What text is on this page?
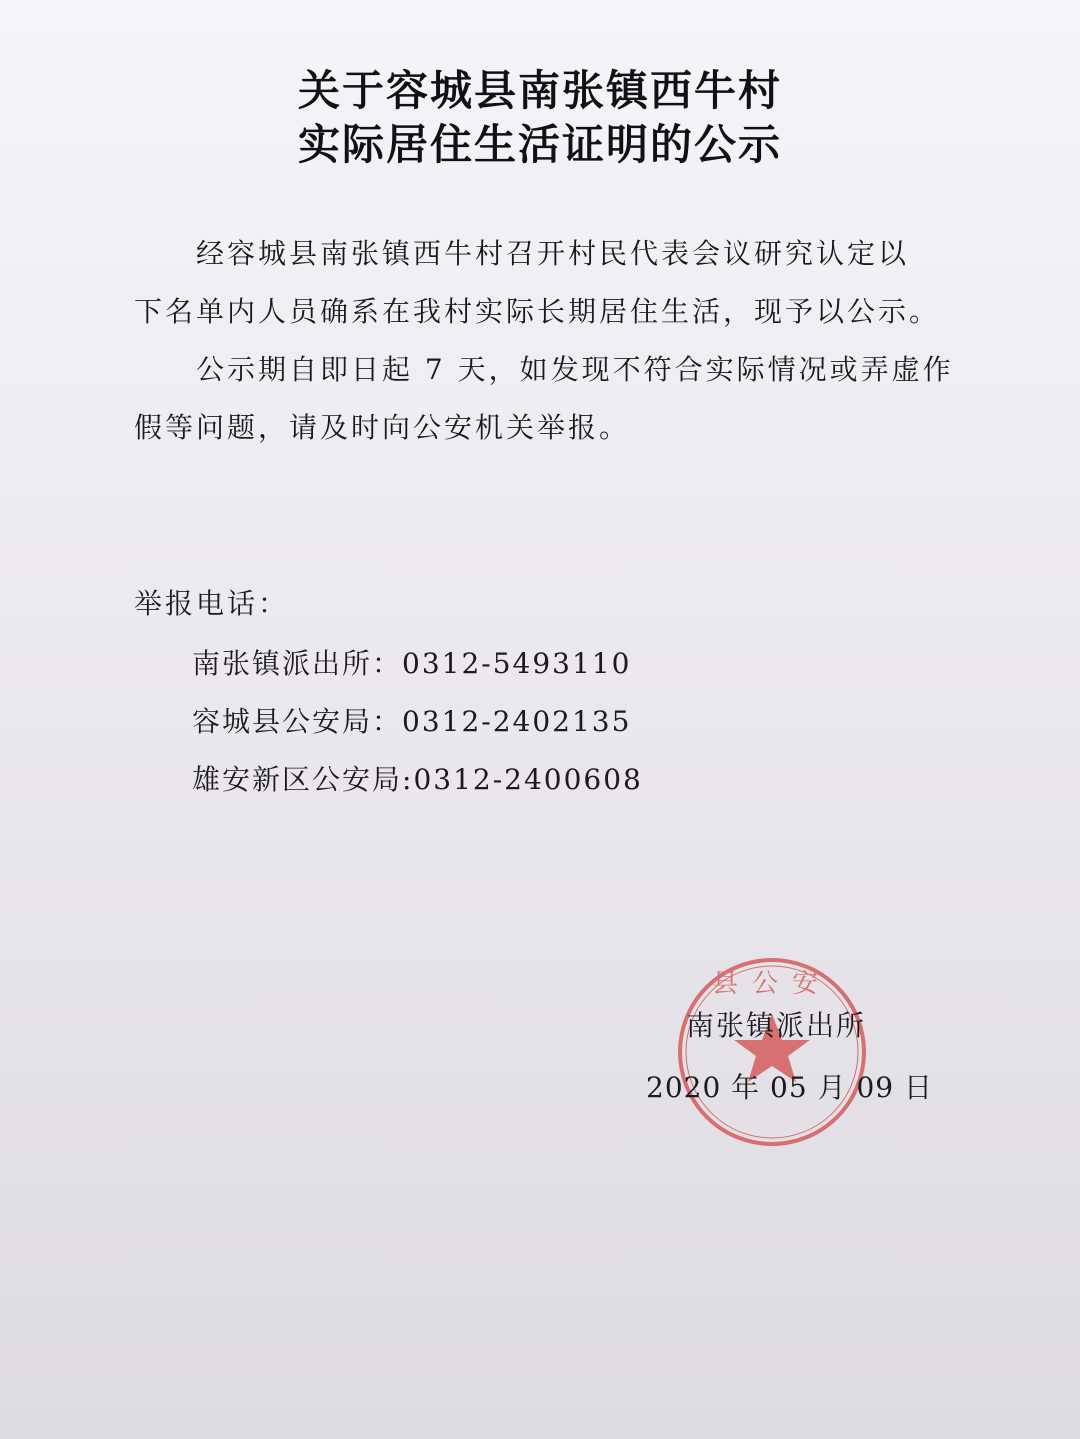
关于容城县南张镇西牛村
实际居住生活证明的公示
经容城县南张镇西牛村召开村民代表会议研究认定以
下名单内人员确系在我村实际长期居住生活，现予以公示。
公示期自即日起 7 天，如发现不符合实际情况或弄虚作
假等问题，请及时向公安机关举报。
举报电话：
南张镇派出所：0312-5493110
容城县公安局：0312-2402135
雄安新区公安局:0312-2400608
县公安
南张镇派出所
2020 年 05 月 09 日
